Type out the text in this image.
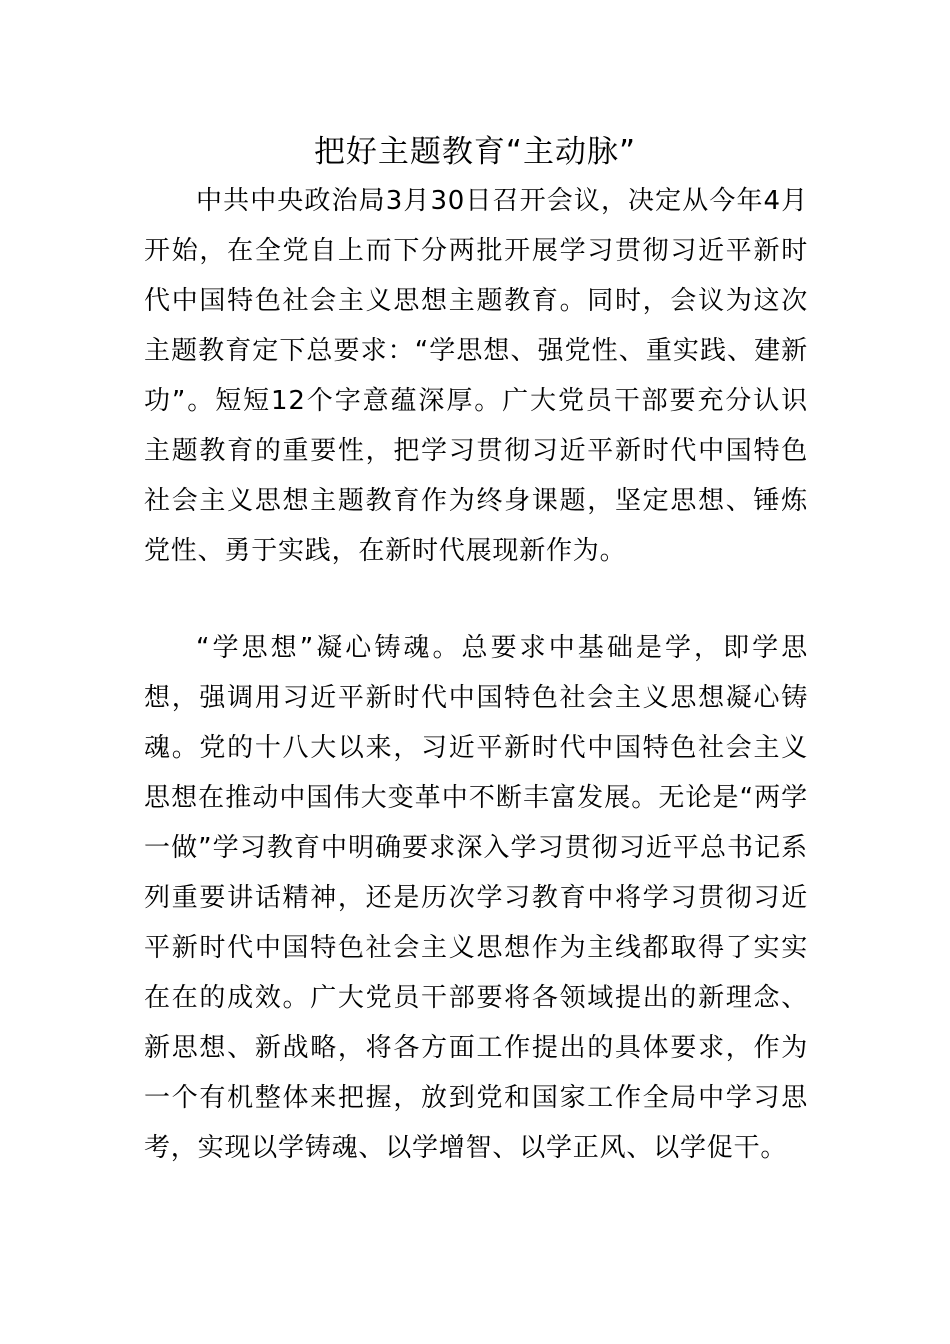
把好主题教育“主动脉”

中共中央政治局3月30日召开会议，决定从今年4月开始，在全党自上而下分两批开展学习贯彻习近平新时代中国特色社会主义思想主题教育。同时，会议为这次主题教育定下总要求：“学思想、强党性、重实践、建新功”。短短12个字意蕴深厚。广大党员干部要充分认识主题教育的重要性，把学习贯彻习近平新时代中国特色社会主义思想主题教育作为终身课题，坚定思想、锤炼党性、勇于实践，在新时代展现新作为。

“学思想”凝心铸魂。总要求中基础是学，即学思想，强调用习近平新时代中国特色社会主义思想凝心铸魂。党的十八大以来，习近平新时代中国特色社会主义思想在推动中国伟大变革中不断丰富发展。无论是“两学一做”学习教育中明确要求深入学习贯彻习近平总书记系列重要讲话精神，还是历次学习教育中将学习贯彻习近平新时代中国特色社会主义思想作为主线都取得了实实在在的成效。广大党员干部要将各领域提出的新理念、新思想、新战略，将各方面工作提出的具体要求，作为一个有机整体来把握，放到党和国家工作全局中学习思考，实现以学铸魂、以学增智、以学正风、以学促干。
